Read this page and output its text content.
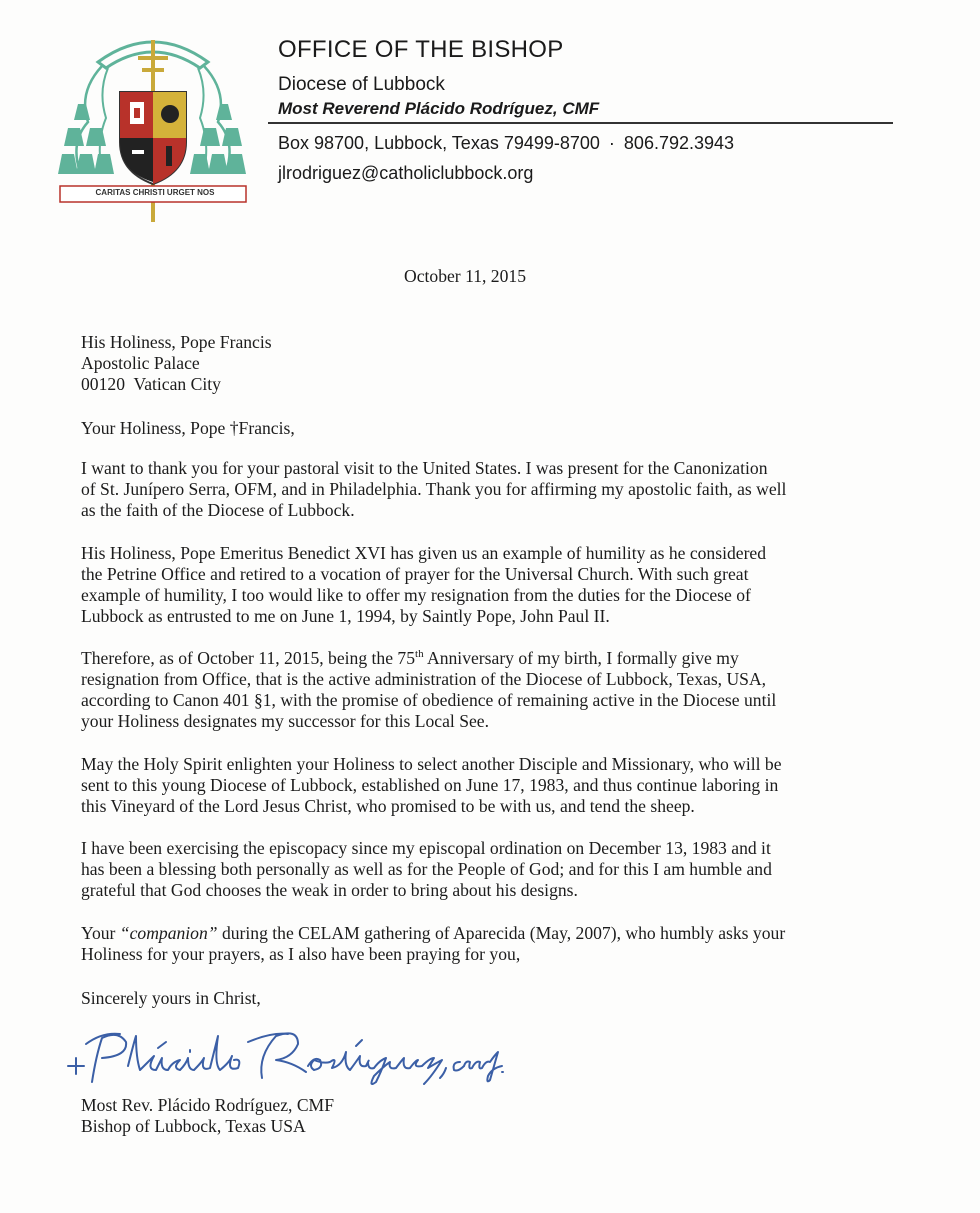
CARITAS CHRISTI URGET NOS
OFFICE OF THE BISHOP
Diocese of Lubbock
Most Reverend Plácido Rodríguez, CMF
Box 98700, Lubbock, Texas 79499-8700 · 806.792.3943
jlrodriguez@catholiclubbock.org
October 11, 2015
His Holiness, Pope Francis
Apostolic Palace
00120  Vatican City
Your Holiness, Pope †Francis,
I want to thank you for your pastoral visit to the United States. I was present for the Canonization
of St. Junípero Serra, OFM, and in Philadelphia. Thank you for affirming my apostolic faith, as well
as the faith of the Diocese of Lubbock.
His Holiness, Pope Emeritus Benedict XVI has given us an example of humility as he considered
the Petrine Office and retired to a vocation of prayer for the Universal Church. With such great
example of humility, I too would like to offer my resignation from the duties for the Diocese of
Lubbock as entrusted to me on June 1, 1994, by Saintly Pope, John Paul II.
Therefore, as of October 11, 2015, being the 75th Anniversary of my birth, I formally give my
resignation from Office, that is the active administration of the Diocese of Lubbock, Texas, USA,
according to Canon 401 §1, with the promise of obedience of remaining active in the Diocese until
your Holiness designates my successor for this Local See.
May the Holy Spirit enlighten your Holiness to select another Disciple and Missionary, who will be
sent to this young Diocese of Lubbock, established on June 17, 1983, and thus continue laboring in
this Vineyard of the Lord Jesus Christ, who promised to be with us, and tend the sheep.
I have been exercising the episcopacy since my episcopal ordination on December 13, 1983 and it
has been a blessing both personally as well as for the People of God; and for this I am humble and
grateful that God chooses the weak in order to bring about his designs.
Your “companion” during the CELAM gathering of Aparecida (May, 2007), who humbly asks your
Holiness for your prayers, as I also have been praying for you,
Sincerely yours in Christ,
Most Rev. Plácido Rodríguez, CMF
Bishop of Lubbock, Texas USA
